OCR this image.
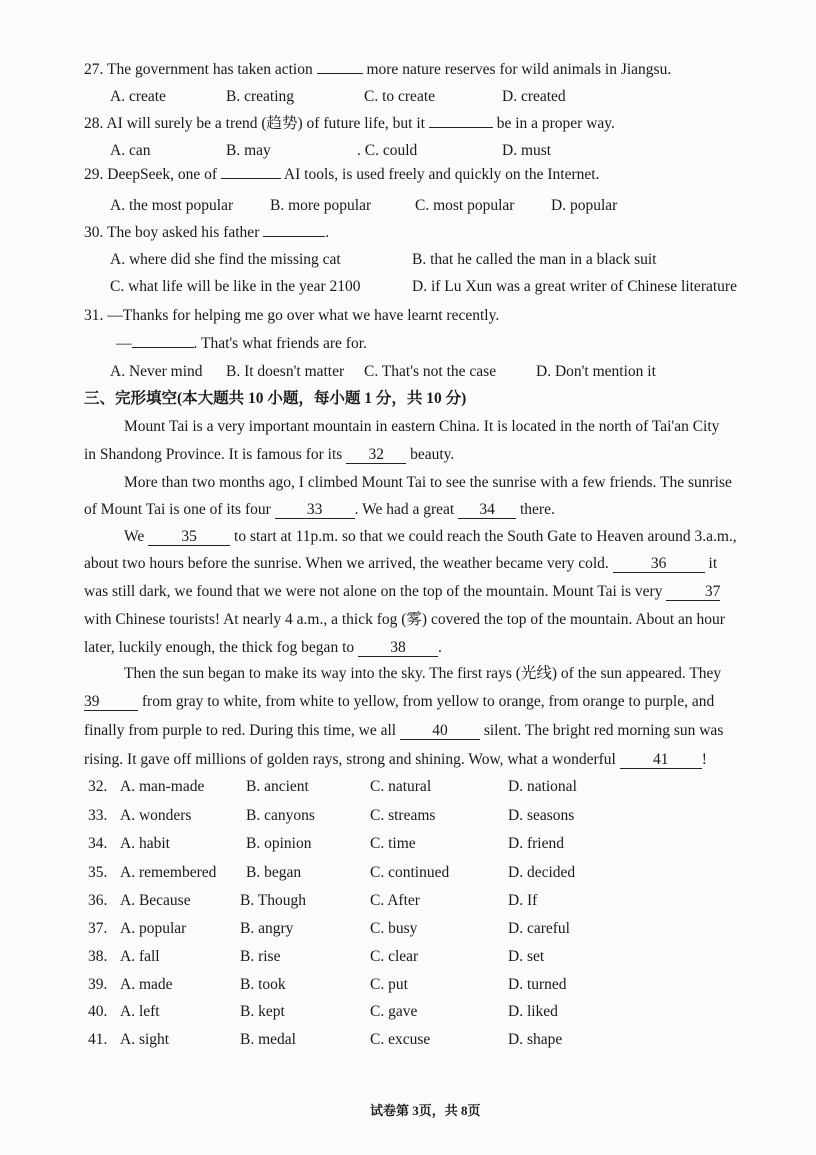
27. The government has taken action	more nature reserves for wild animals in Jiangsu.
A. create	B. creating	C. to create	D. created
28. AI will surely be a trend (趋势) of future life, but it	be in a proper way.
A. can	B. may	. C. could	D. must
29. DeepSeek, one of	AI tools, is used freely and quickly on the Internet.
A. the most popular B. more popular	C. most popular D. popular
30. The boy asked his father	.
A. where did she find the missing cat	B. that he called the man in a black suit
C. what life will be like in the year 2100	D. if Lu Xun was a great writer of Chinese literature
31. —Thanks for helping me go over what we have learnt recently.
—	. That's what friends are for.
A. Never mind B. It doesn't matter C. That's not the case	D. Don't mention it
三、完形填空(本大题共 10 小题，每小题 1 分，共 10 分)
Mount Tai is a very important mountain in eastern China. It is located in the north of Tai'an City
in Shandong Province. It is famous for its 32 beauty.
More than two months ago, I climbed Mount Tai to see the sunrise with a few friends. The sunrise
of Mount Tai is one of its four 33 . We had a great 34 there.
We 35 to start at 11p.m. so that we could reach the South Gate to Heaven around 3.a.m.,
about two hours before the sunrise. When we arrived, the weather became very cold.	36	it
was still dark, we found that we were not alone on the top of the mountain. Mount Tai is very	37
with Chinese tourists! At nearly 4 a.m., a thick fog (雾) covered the top of the mountain. About an hour
later, luckily enough, the thick fog began to 38 .
Then the sun began to make its way into the sky. The first rays (光线) of the sun appeared. They
39	from gray to white, from white to yellow, from yellow to orange, from orange to purple, and
finally from purple to red. During this time, we all 40 silent. The bright red morning sun was
rising. It gave off millions of golden rays, strong and shining. Wow, what a wonderful 41 !
32. A. man-made	B. ancient	C. natural	D. national
33. A. wonders	B. canyons	C. streams	D. seasons
34. A. habit	B. opinion	C. time	D. friend
35. A. remembered B. began	C. continued	D. decided
36. A. Because	B. Though	C. After	D. If
37. A. popular	B. angry	C. busy	D. careful
38. A. fall	B. rise	C. clear	D. set
39. A. made	B. took	C. put	D. turned
40. A. left	B. kept	C. gave	D. liked
41. A. sight	B. medal	C. excuse	D. shape
试卷第 3页，共 8页
